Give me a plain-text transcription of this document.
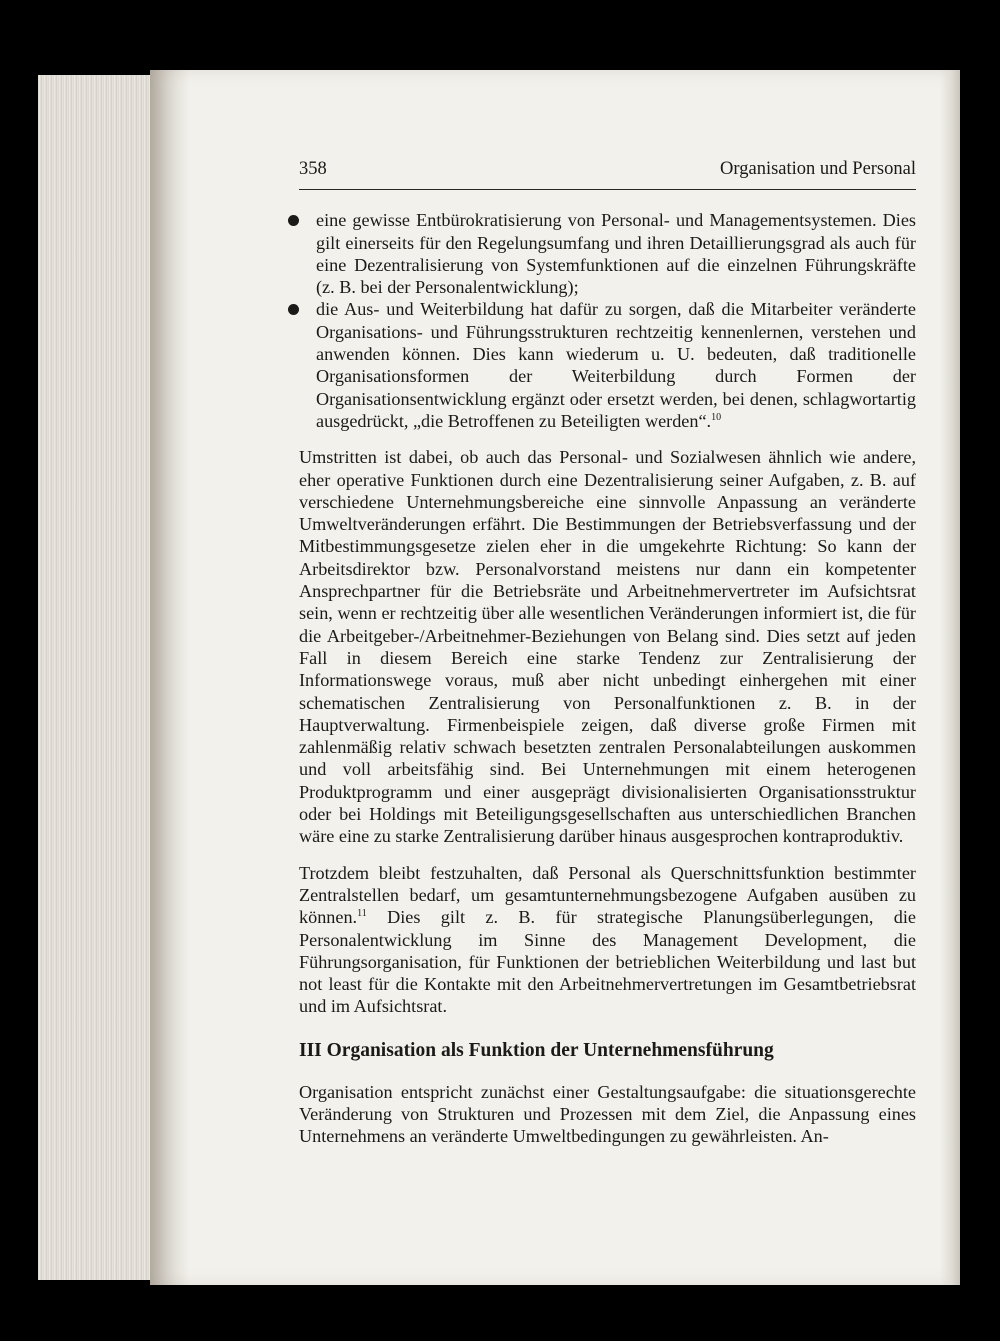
358	Organisation und Personal
eine gewisse Entbürokratisierung von Personal- und Managementsystemen. Dies gilt einerseits für den Regelungsumfang und ihren Detaillierungsgrad als auch für eine Dezentralisierung von Systemfunktionen auf die einzelnen Führungskräfte (z. B. bei der Personalentwicklung);
die Aus- und Weiterbildung hat dafür zu sorgen, daß die Mitarbeiter veränderte Organisations- und Führungsstrukturen rechtzeitig kennenlernen, verstehen und anwenden können. Dies kann wiederum u. U. bedeuten, daß traditionelle Organisationsformen der Weiterbildung durch Formen der Organisationsentwicklung ergänzt oder ersetzt werden, bei denen, schlagwortartig ausgedrückt, „die Betroffenen zu Beteiligten werden“.$^{10}$

Umstritten ist dabei, ob auch das Personal- und Sozialwesen ähnlich wie andere, eher operative Funktionen durch eine Dezentralisierung seiner Aufgaben, z. B. auf verschiedene Unternehmungsbereiche eine sinnvolle Anpassung an veränderte Umweltveränderungen erfährt. Die Bestimmungen der Betriebsverfassung und der Mitbestimmungsgesetze zielen eher in die umgekehrte Richtung: So kann der Arbeitsdirektor bzw. Personalvorstand meistens nur dann ein kompetenter Ansprechpartner für die Betriebsräte und Arbeitnehmervertreter im Aufsichtsrat sein, wenn er rechtzeitig über alle wesentlichen Veränderungen informiert ist, die für die Arbeitgeber-/Arbeitnehmer-Beziehungen von Belang sind. Dies setzt auf jeden Fall in diesem Bereich eine starke Tendenz zur Zentralisierung der Informationswege voraus, muß aber nicht unbedingt einhergehen mit einer schematischen Zentralisierung von Personalfunktionen z. B. in der Hauptverwaltung. Firmenbeispiele zeigen, daß diverse große Firmen mit zahlenmäßig relativ schwach besetzten zentralen Personalabteilungen auskommen und voll arbeitsfähig sind. Bei Unternehmungen mit einem heterogenen Produktprogramm und einer ausgeprägt divisionalisierten Organisationsstruktur oder bei Holdings mit Beteiligungsgesellschaften aus unterschiedlichen Branchen wäre eine zu starke Zentralisierung darüber hinaus ausgesprochen kontraproduktiv.

Trotzdem bleibt festzuhalten, daß Personal als Querschnittsfunktion bestimmter Zentralstellen bedarf, um gesamtunternehmungsbezogene Aufgaben ausüben zu können.$^{11}$ Dies gilt z. B. für strategische Planungsüberlegungen, die Personalentwicklung im Sinne des Management Development, die Führungsorganisation, für Funktionen der betrieblichen Weiterbildung und last but not least für die Kontakte mit den Arbeitnehmervertretungen im Gesamtbetriebsrat und im Aufsichtsrat.

III Organisation als Funktion der Unternehmensführung

Organisation entspricht zunächst einer Gestaltungsaufgabe: die situationsgerechte Veränderung von Strukturen und Prozessen mit dem Ziel, die Anpassung eines Unternehmens an veränderte Umweltbedingungen zu gewährleisten. An-
